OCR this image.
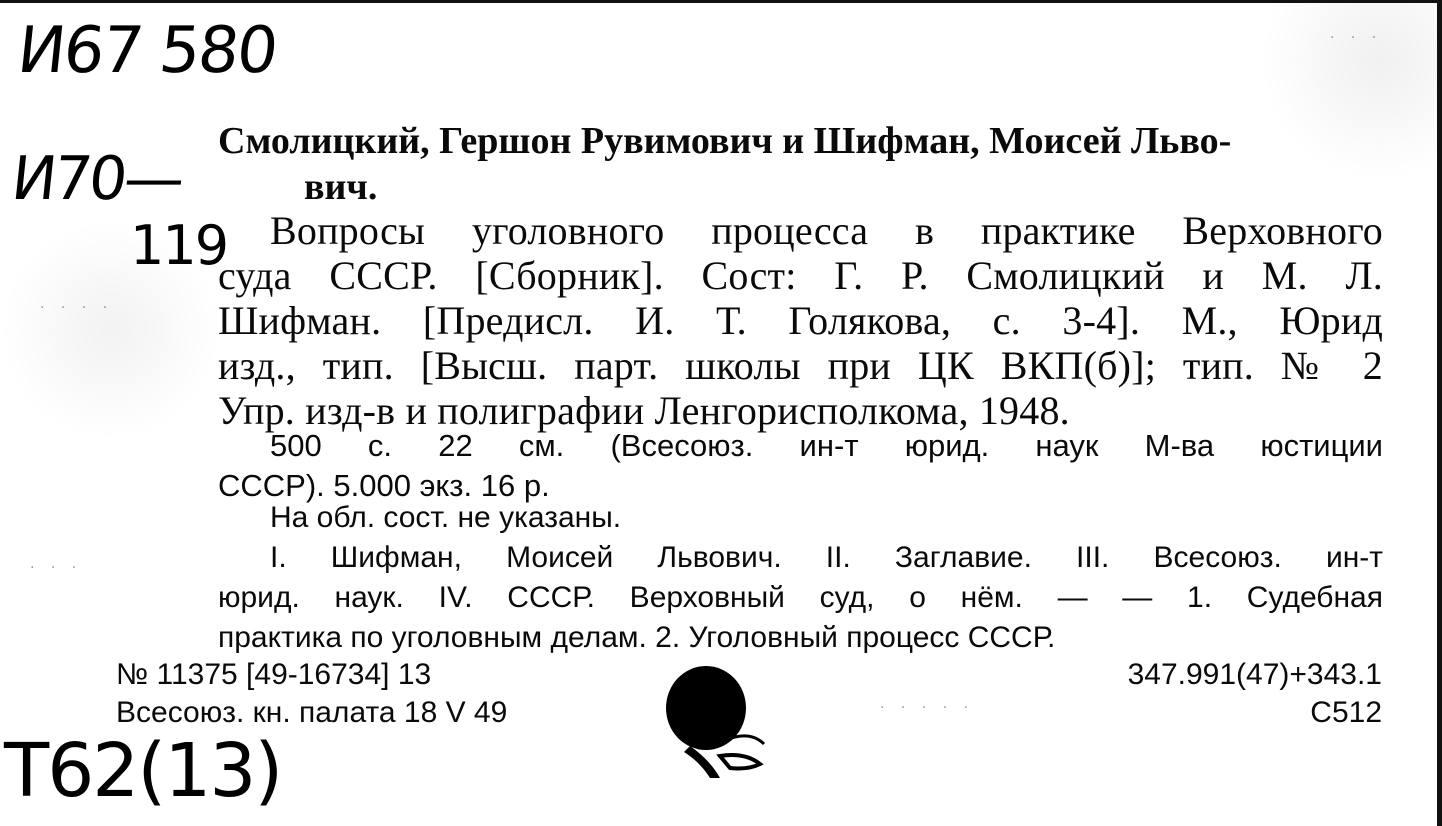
И67 580
И70—
119
Смолицкий, Гершон Рувимович и Шифман, Моисей Льво-
вич.
Вопросы уголовного процесса в практике Верховного
суда СССР. [Сборник]. Сост: Г. Р. Смолицкий и М. Л.
Шифман. [Предисл. И. Т. Голякова, с. 3-4]. М., Юрид
изд., тип. [Высш. парт. школы при ЦК ВКП(б)]; тип. № 2
Упр. изд-в и полиграфии Ленгорисполкома, 1948.
500 с. 22 см. (Всесоюз. ин-т юрид. наук М-ва юстиции
СССР). 5.000 экз. 16 р.
На обл. сост. не указаны.
I. Шифман, Моисей Львович. II. Заглавие. III. Всесоюз. ин-т
юрид. наук. IV. СССР. Верховный суд, о нём. — — 1. Судебная
практика по уголовным делам. 2. Уголовный процесс СССР.
№ 11375 [49-16734] 13
Всесоюз. кн. палата 18 V 49
347.991(47)+343.1
С512
Т62(13)
· · ·
· · · ·
· · ·
· · · · ·
